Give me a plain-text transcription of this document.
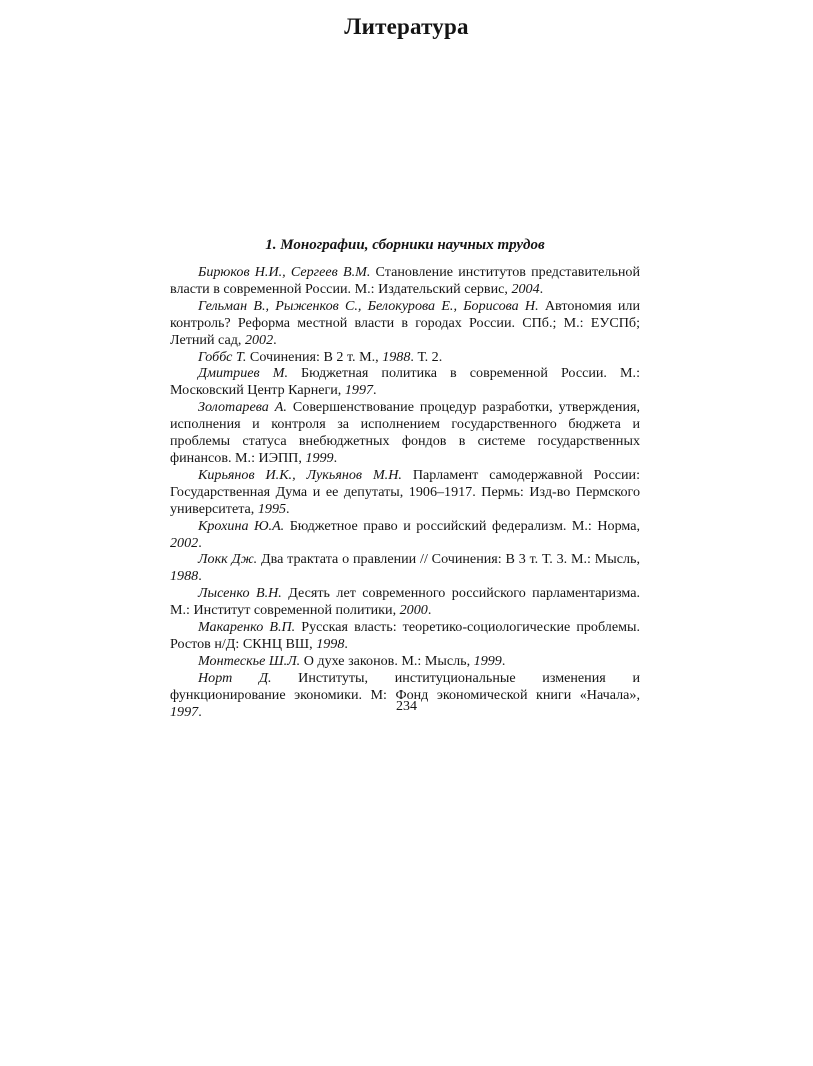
Литература
1. Монографии, сборники научных трудов
Бирюков Н.И., Сергеев В.М. Становление институтов представительной власти в современной России. М.: Издательский сервис, 2004.
Гельман В., Рыженков С., Белокурова Е., Борисова Н. Автономия или контроль? Реформа местной власти в городах России. СПб.; М.: ЕУСПб; Летний сад, 2002.
Гоббс Т. Сочинения: В 2 т. М., 1988. Т. 2.
Дмитриев М. Бюджетная политика в современной России. М.: Московский Центр Карнеги, 1997.
Золотарева А. Совершенствование процедур разработки, утверждения, исполнения и контроля за исполнением государственного бюджета и проблемы статуса внебюджетных фондов в системе государственных финансов. М.: ИЭПП, 1999.
Кирьянов И.К., Лукьянов М.Н. Парламент самодержавной России: Государственная Дума и ее депутаты, 1906–1917. Пермь: Изд-во Пермского университета, 1995.
Крохина Ю.А. Бюджетное право и российский федерализм. М.: Норма, 2002.
Локк Дж. Два трактата о правлении // Сочинения: В 3 т. Т. 3. М.: Мысль, 1988.
Лысенко В.Н. Десять лет современного российского парламентаризма. М.: Институт современной политики, 2000.
Макаренко В.П. Русская власть: теоретико-социологические проблемы. Ростов н/Д: СКНЦ ВШ, 1998.
Монтескье Ш.Л. О духе законов. М.: Мысль, 1999.
Норт Д. Институты, институциональные изменения и функционирование экономики. М: Фонд экономической книги «Начала», 1997.	234
